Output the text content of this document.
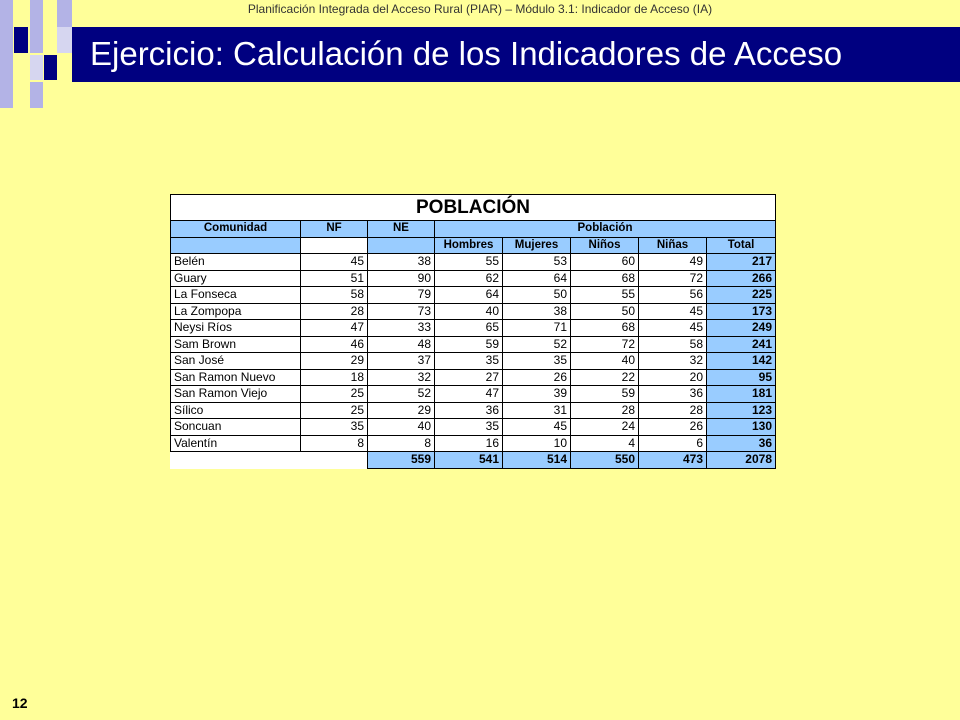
Planificación Integrada del Acceso Rural (PIAR) – Módulo 3.1: Indicador de Acceso (IA)
Ejercicio: Calculación de los Indicadores de Acceso
POBLACIÓN							
Comunidad	NF	NE	Población				
			Hombres	Mujeres	Niños	Niñas	Total
Belén	45	38	55	53	60	49	217
Guary	51	90	62	64	68	72	266
La Fonseca	58	79	64	50	55	56	225
La Zompopa	28	73	40	38	50	45	173
Neysi Ríos	47	33	65	71	68	45	249
Sam Brown	46	48	59	52	72	58	241
San José	29	37	35	35	40	32	142
San Ramon Nuevo	18	32	27	26	22	20	95
San Ramon Viejo	25	52	47	39	59	36	181
Sílico	25	29	36	31	28	28	123
Soncuan	35	40	35	45	24	26	130
Valentín	8	8	16	10	4	6	36
		559	541	514	550	473	2078
12
